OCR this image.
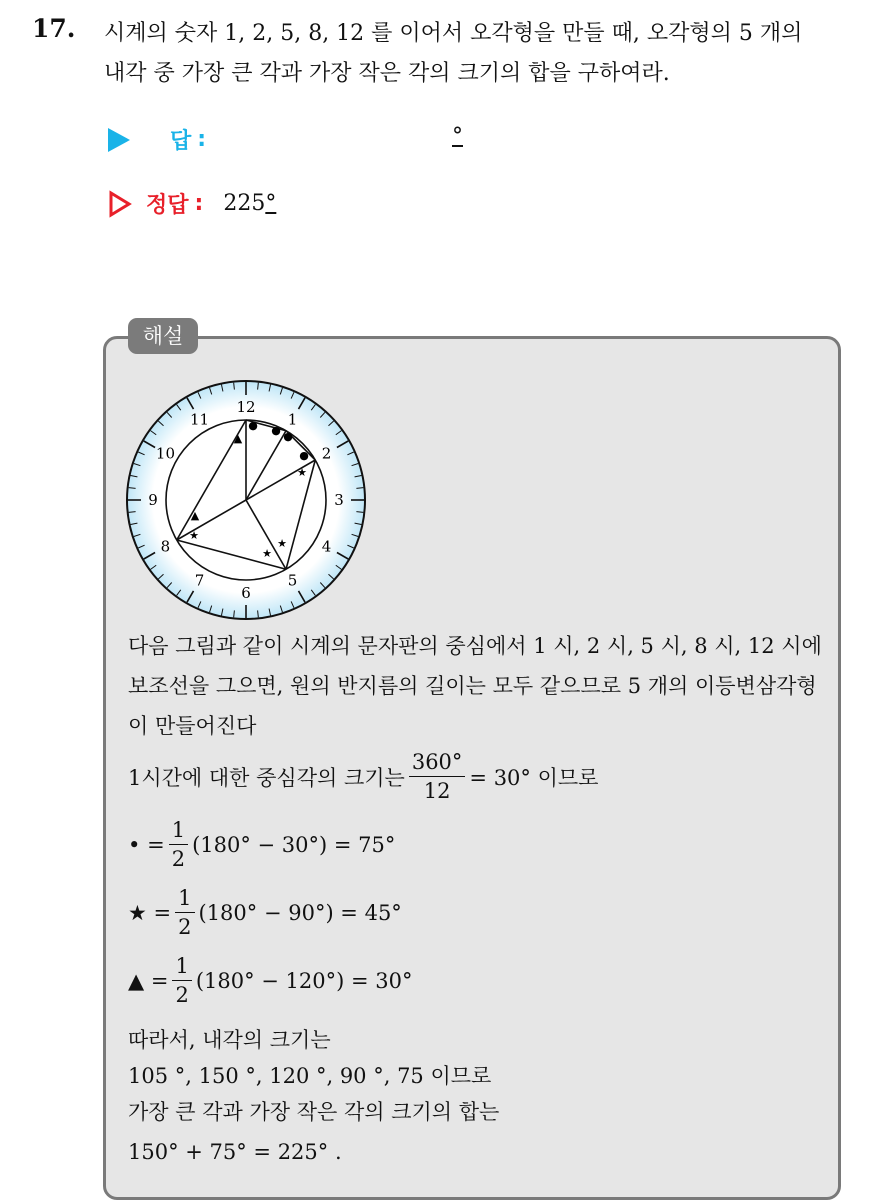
17. 시계의 숫자 1, 2, 5, 8, 12 를 이어서 오각형을 만들 때, 오각형의 5 개의
내각 중 가장 큰 각과 가장 작은 각의 크기의 합을 구하여라.
답 :	°
정답 : 225 °
해설
12
1
2
3
4
5
6
7
8
9
10
11	● ● ●
●
★
★
★
★
▲
▲
다음 그림과 같이 시계의 문자판의 중심에서 1 시, 2 시, 5 시, 8 시, 12 시에 보조선을 그으면, 원의 반지름의 길이는 모두 같으므로 5 개의 이등변삼각형이 만들어진다
1시간에 대한 중심각의 크기는 $\frac{360^\circ}{12} = 30^\circ$ 이므로
•
= $\frac{1}{2} (180^\circ - 30^\circ) = 75^\circ$
★
= $\frac{1}{2} (180^\circ - 90^\circ) = 45^\circ$
▲
= $\frac{1}{2} (180^\circ - 120^\circ) = 30^\circ$
따라서, 내각의 크기는
105 °, 150 °, 120 °, 90 °, 75 이므로
가장 큰 각과 가장 작은 각의 크기의 합는
150° + 75° = 225° .
